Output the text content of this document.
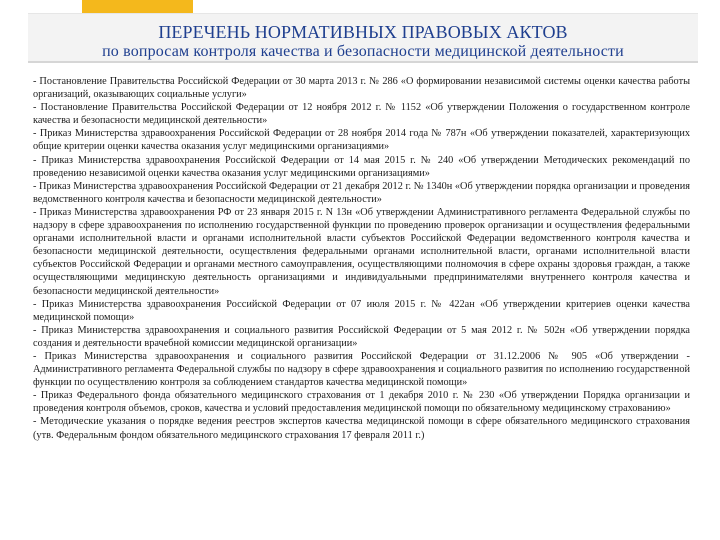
ПЕРЕЧЕНЬ НОРМАТИВНЫХ ПРАВОВЫХ АКТОВ
по вопросам контроля качества и безопасности медицинской деятельности

- Постановление Правительства Российской Федерации от 30 марта 2013 г. № 286 «О формировании независимой системы оценки качества работы организаций, оказывающих социальные услуги»

- Постановление Правительства Российской Федерации от 12 ноября 2012 г. № 1152 «Об утверждении Положения о государственном контроле качества и безопасности медицинской деятельности»

- Приказ Министерства здравоохранения Российской Федерации от 28 ноября 2014 года № 787н «Об утверждении показателей, характеризующих общие критерии оценки качества оказания услуг медицинскими организациями»

- Приказ Министерства здравоохранения Российской Федерации от 14 мая 2015 г. № 240 «Об утверждении Методических рекомендаций по проведению независимой оценки качества оказания услуг медицинскими организациями»

- Приказ Министерства здравоохранения Российской Федерации от 21 декабря 2012 г. № 1340н «Об утверждении порядка организации и проведения ведомственного контроля качества и безопасности медицинской деятельности»

- Приказ Министерства здравоохранения РФ от 23 января 2015 г. N 13н «Об утверждении Административного регламента Федеральной службы по надзору в сфере здравоохранения по исполнению государственной функции по проведению проверок организации и осуществления федеральными органами исполнительной власти и органами исполнительной власти субъектов Российской Федерации ведомственного контроля качества и безопасности медицинской деятельности, осуществления федеральными органами исполнительной власти, органами исполнительной власти субъектов Российской Федерации и органами местного самоуправления, осуществляющими полномочия в сфере охраны здоровья граждан, а также осуществляющими медицинскую деятельность организациями и индивидуальными предпринимателями внутреннего контроля качества и безопасности медицинской деятельности»

- Приказ Министерства здравоохранения Российской Федерации от 07 июля 2015 г. № 422ан «Об утверждении критериев оценки качества медицинской помощи»

- Приказ Министерства здравоохранения и социального развития Российской Федерации от 5 мая 2012 г. № 502н «Об утверждении порядка создания и деятельности врачебной комиссии медицинской организации»

- Приказ Министерства здравоохранения и социального развития Российской Федерации от 31.12.2006 № 905 «Об утверждении - Административного регламента Федеральной службы по надзору в сфере здравоохранения и социального развития по исполнению государственной функции по осуществлению контроля за соблюдением стандартов качества медицинской помощи»

- Приказ Федерального фонда обязательного медицинского страхования от 1 декабря 2010 г. № 230 «Об утверждении Порядка организации и проведения контроля объемов, сроков, качества и условий предоставления медицинской помощи по обязательному медицинскому страхованию»

- Методические указания о порядке ведения реестров экспертов качества медицинской помощи в сфере обязательного медицинского страхования (утв. Федеральным фондом обязательного медицинского страхования 17 февраля 2011 г.)
